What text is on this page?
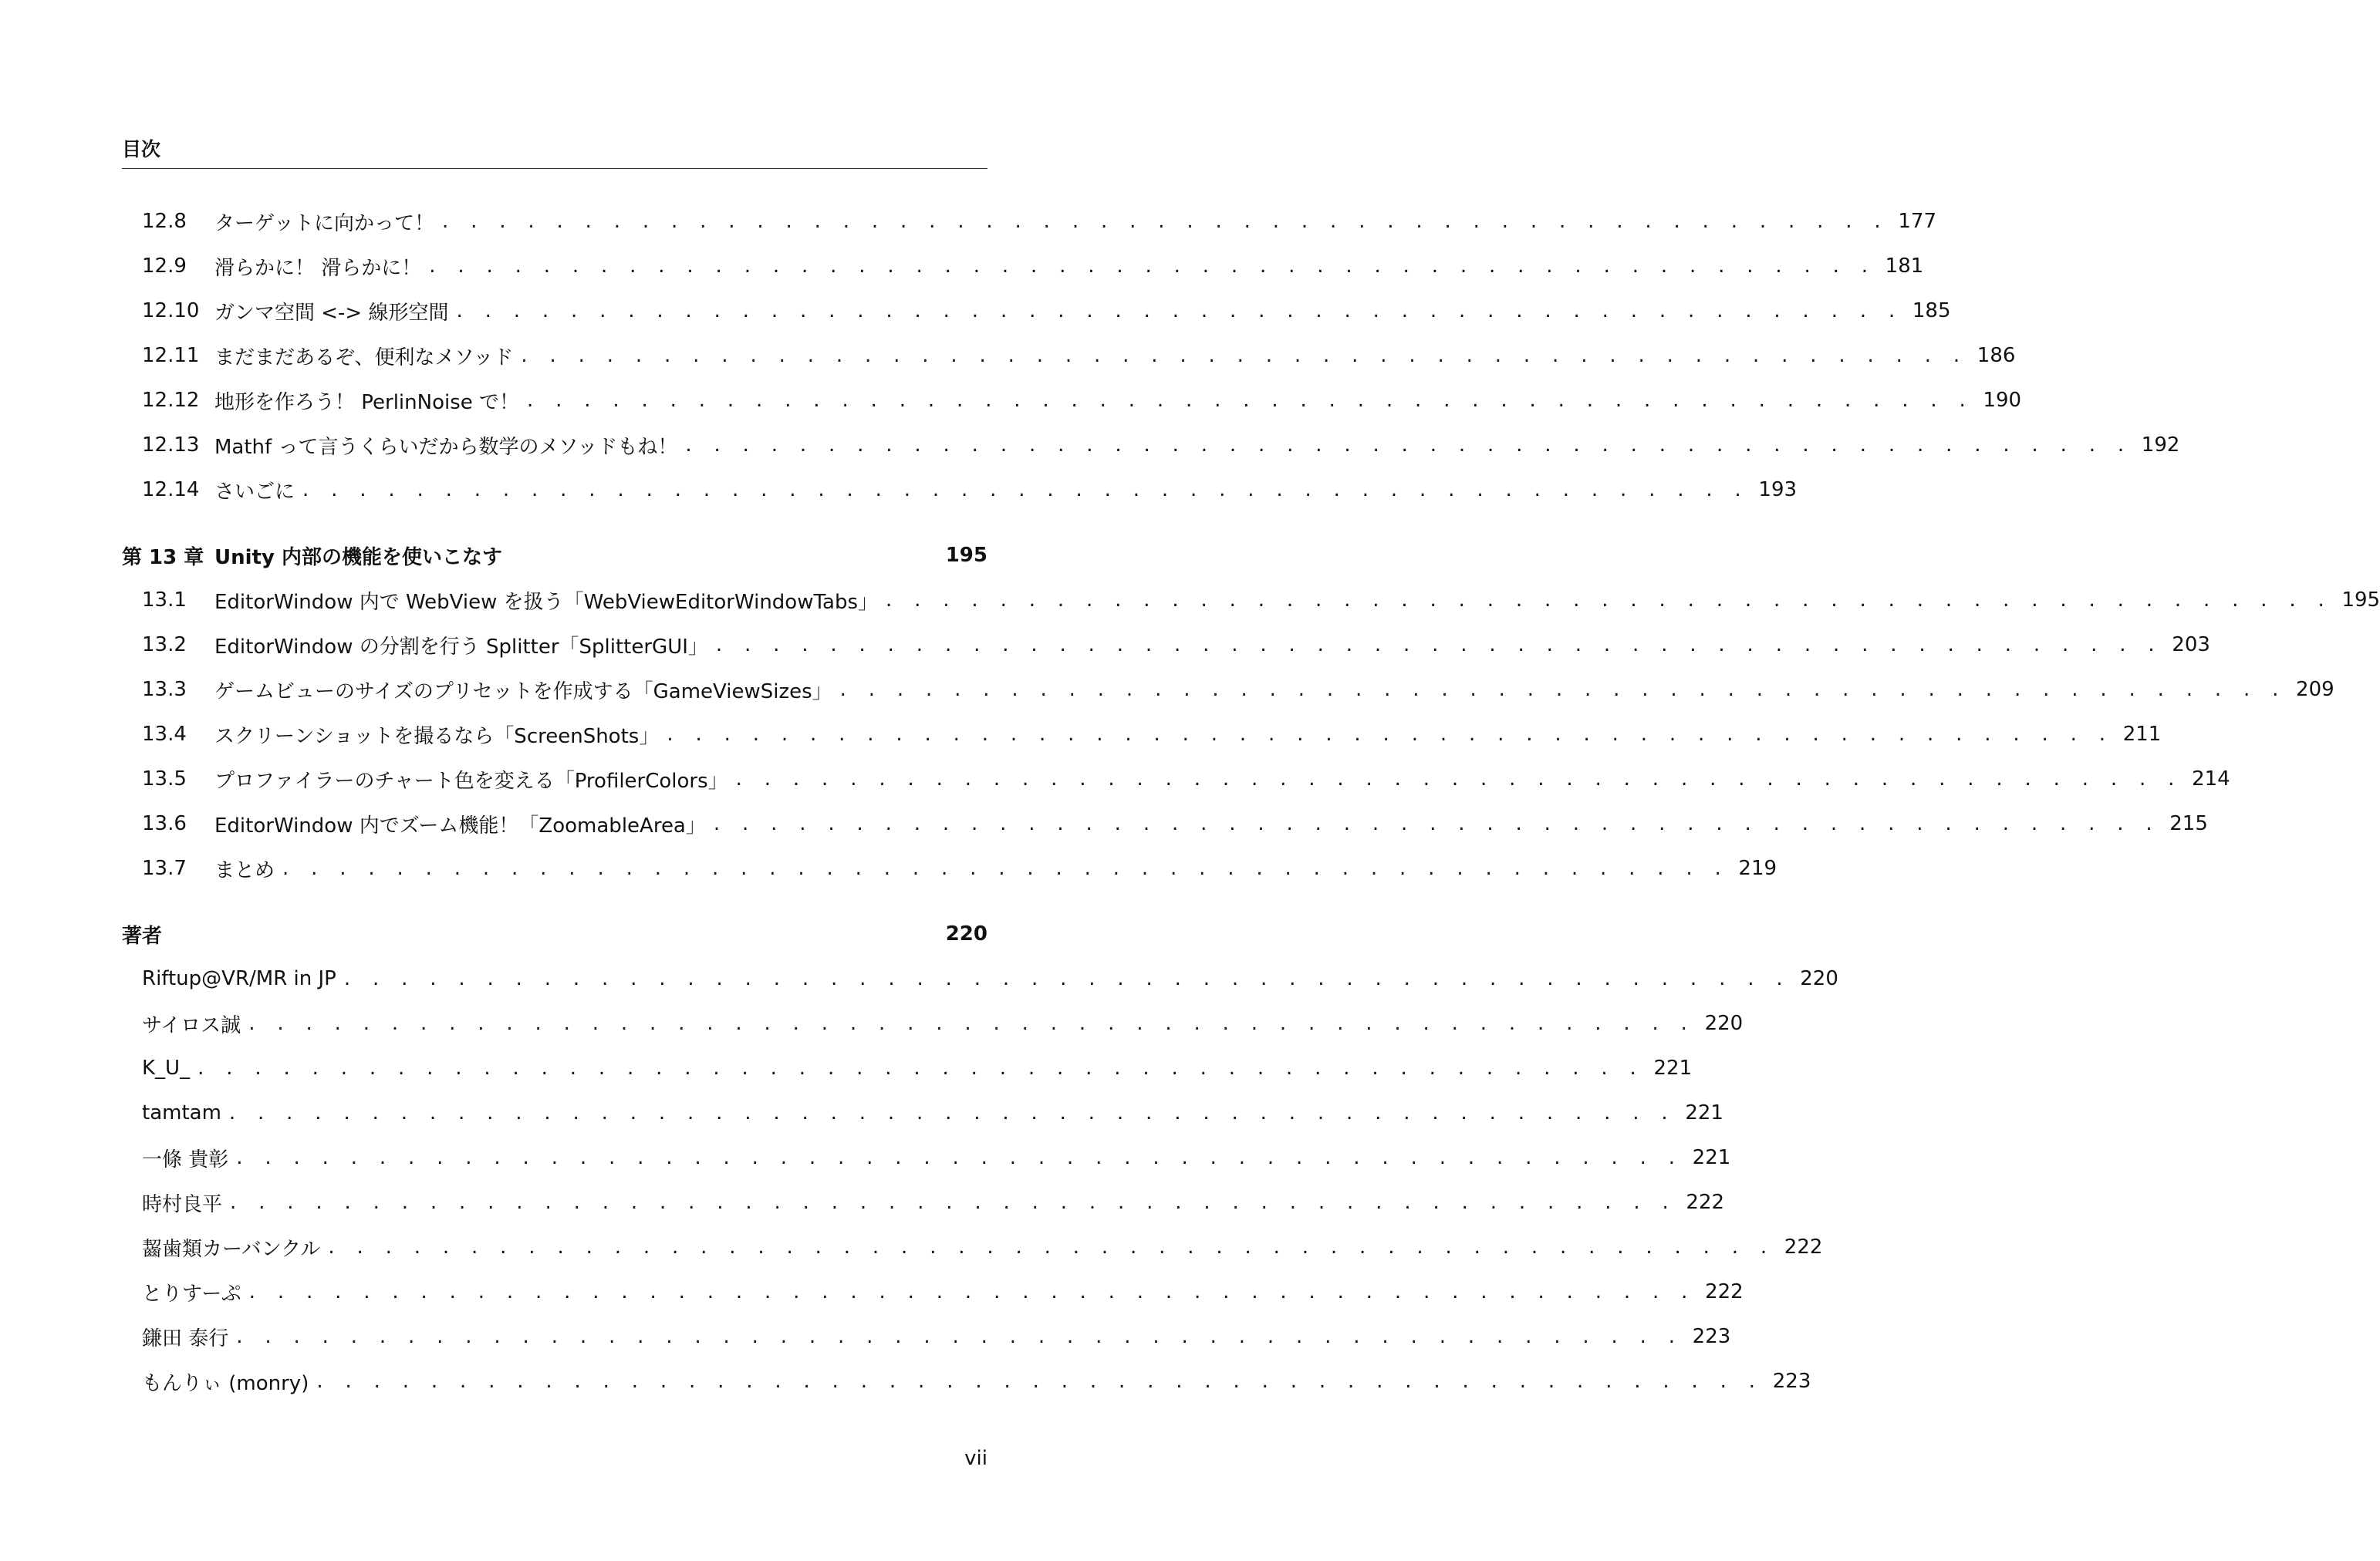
目次
12.8	ターゲットに向かって！ . . . . . . . . . . . . . . . . . . . . . . . . . . . . . . . . . . . . . . . . . . . . . . . . . . . 177
12.9	滑らかに！ 滑らかに！ . . . . . . . . . . . . . . . . . . . . . . . . . . . . . . . . . . . . . . . . . . . . . . . . . . . 181
12.10 ガンマ空間 <-> 線形空間 . . . . . . . . . . . . . . . . . . . . . . . . . . . . . . . . . . . . . . . . . . . . . . . . . . . 185
12.11 まだまだあるぞ、便利なメソッド . . . . . . . . . . . . . . . . . . . . . . . . . . . . . . . . . . . . . . . . . . . . . . . . . . . 186
12.12 地形を作ろう！ PerlinNoise で！ . . . . . . . . . . . . . . . . . . . . . . . . . . . . . . . . . . . . . . . . . . . . . . . . . . . 190
12.13 Mathf って言うくらいだから数学のメソッドもね！ . . . . . . . . . . . . . . . . . . . . . . . . . . . . . . . . . . . . . . . . . . . . . . . . . . . 192
12.14 さいごに . . . . . . . . . . . . . . . . . . . . . . . . . . . . . . . . . . . . . . . . . . . . . . . . . . . 193
第 13 章 Unity 内部の機能を使いこなす	195
13.1	EditorWindow 内で WebView を扱う「WebViewEditorWindowTabs」 . . . . . . . . . . . . . . . . . . . . . . . . . . . . . . . . . . . . . . . . . . . . . . . . . . . 195
13.2	EditorWindow の分割を行う Splitter「SplitterGUI」 . . . . . . . . . . . . . . . . . . . . . . . . . . . . . . . . . . . . . . . . . . . . . . . . . . . 203
13.3	ゲームビューのサイズのプリセットを作成する「GameViewSizes」 . . . . . . . . . . . . . . . . . . . . . . . . . . . . . . . . . . . . . . . . . . . . . . . . . . . 209
13.4	スクリーンショットを撮るなら「ScreenShots」 . . . . . . . . . . . . . . . . . . . . . . . . . . . . . . . . . . . . . . . . . . . . . . . . . . . 211
13.5	プロファイラーのチャート色を変える「ProfilerColors」 . . . . . . . . . . . . . . . . . . . . . . . . . . . . . . . . . . . . . . . . . . . . . . . . . . . 214
13.6	EditorWindow 内でズーム機能！「ZoomableArea」 . . . . . . . . . . . . . . . . . . . . . . . . . . . . . . . . . . . . . . . . . . . . . . . . . . . 215
13.7	まとめ . . . . . . . . . . . . . . . . . . . . . . . . . . . . . . . . . . . . . . . . . . . . . . . . . . . 219
著者	220
Riftup@VR/MR in JP . . . . . . . . . . . . . . . . . . . . . . . . . . . . . . . . . . . . . . . . . . . . . . . . . . . 220
サイロス誠 . . . . . . . . . . . . . . . . . . . . . . . . . . . . . . . . . . . . . . . . . . . . . . . . . . . 220
K_U_ . . . . . . . . . . . . . . . . . . . . . . . . . . . . . . . . . . . . . . . . . . . . . . . . . . . 221
tamtam . . . . . . . . . . . . . . . . . . . . . . . . . . . . . . . . . . . . . . . . . . . . . . . . . . . 221
一條 貴彰 . . . . . . . . . . . . . . . . . . . . . . . . . . . . . . . . . . . . . . . . . . . . . . . . . . . 221
時村良平 . . . . . . . . . . . . . . . . . . . . . . . . . . . . . . . . . . . . . . . . . . . . . . . . . . . 222
齧歯類カーバンクル . . . . . . . . . . . . . . . . . . . . . . . . . . . . . . . . . . . . . . . . . . . . . . . . . . . 222
とりすーぷ . . . . . . . . . . . . . . . . . . . . . . . . . . . . . . . . . . . . . . . . . . . . . . . . . . . 222
鎌田 泰行 . . . . . . . . . . . . . . . . . . . . . . . . . . . . . . . . . . . . . . . . . . . . . . . . . . . 223
もんりぃ (monry) . . . . . . . . . . . . . . . . . . . . . . . . . . . . . . . . . . . . . . . . . . . . . . . . . . . 223
vii
